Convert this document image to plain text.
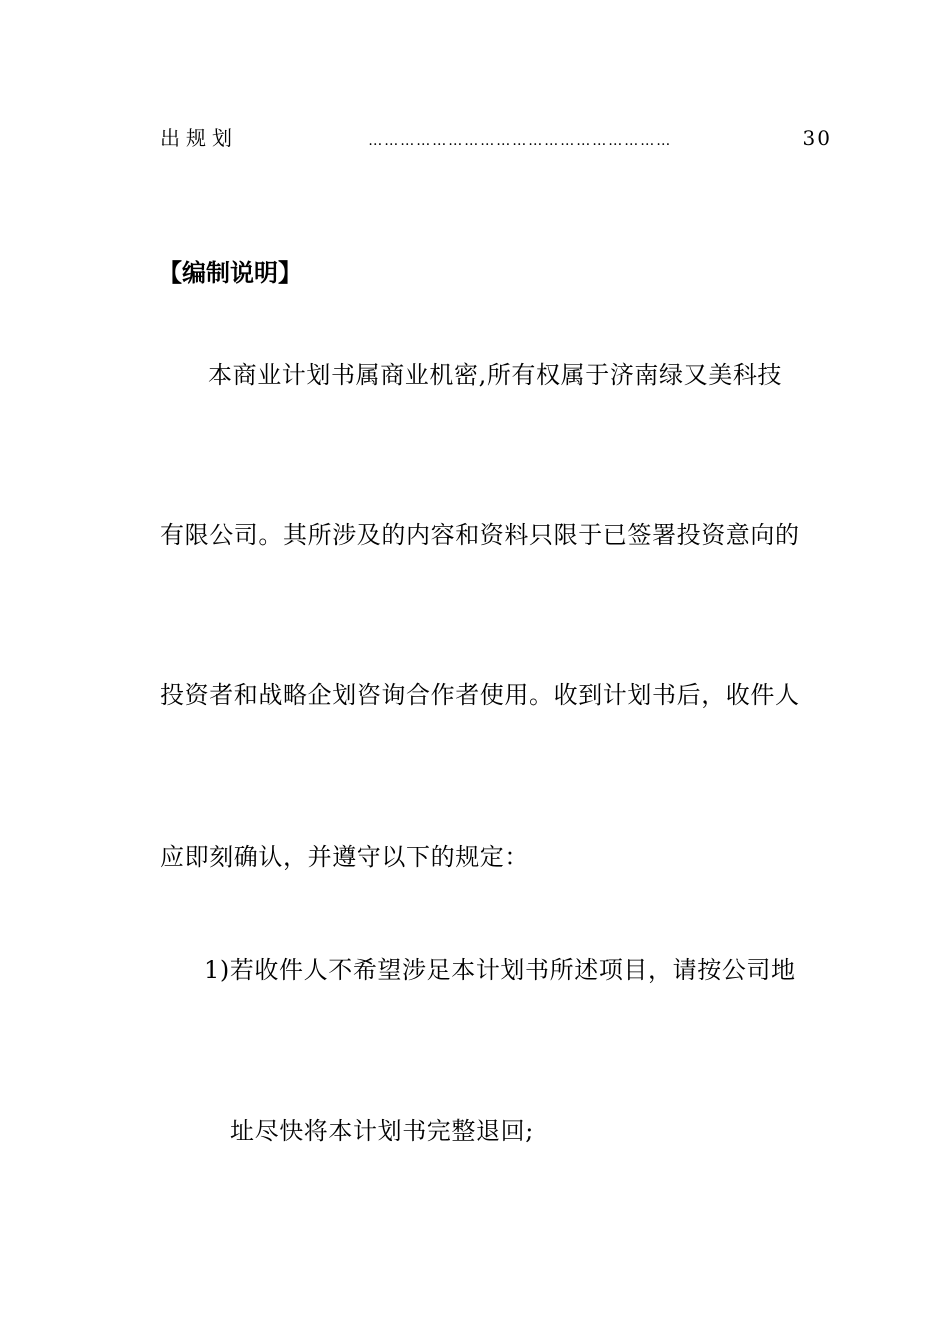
出规划	…………………………………………………	30
【编制说明】
本商业计划书属商业机密,所有权属于济南绿又美科技
有限公司。其所涉及的内容和资料只限于已签署投资意向的
投资者和战略企划咨询合作者使用。收到计划书后，收件人
应即刻确认，并遵守以下的规定：
1)若收件人不希望涉足本计划书所述项目，请按公司地
址尽快将本计划书完整退回;
